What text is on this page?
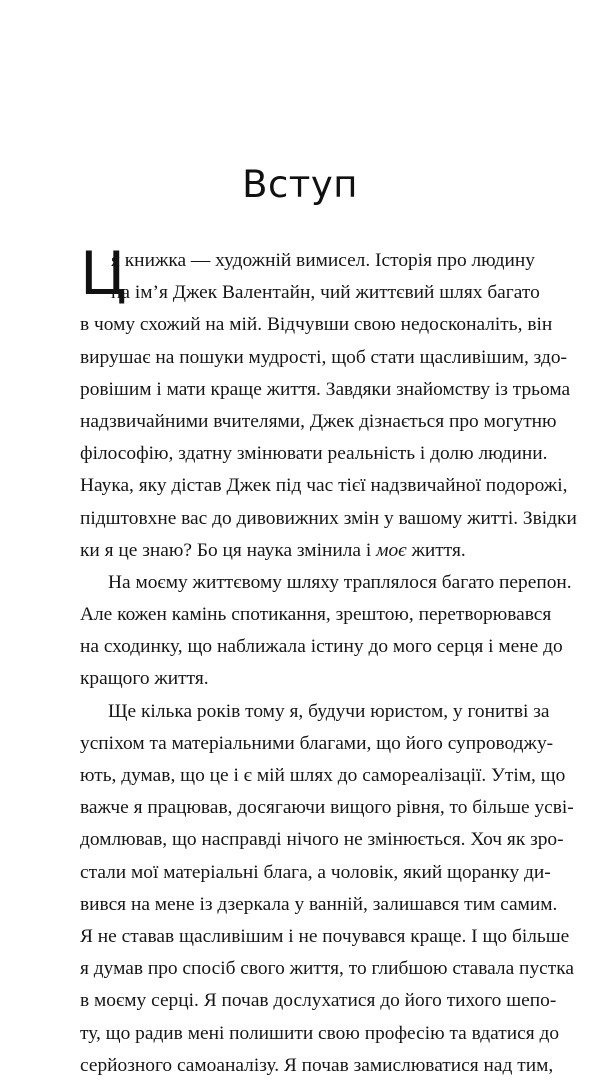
Вступ
Ц
я книжка — художній вимисел. Історія про людину
на ім’я Джек Валентайн, чий життєвий шлях багато
в чому схожий на мій. Відчувши свою недосконаліть, він
вирушає на пошуки мудрості, щоб стати щасливішим, здо-
ровішим і мати краще життя. Завдяки знайомству із трьома
надзвичайними вчителями, Джек дізнається про могутню
філософію, здатну змінювати реальність і долю людини.
Наука, яку дістав Джек під час тієї надзвичайної подорожі,
підштовхне вас до дивовижних змін у вашому житті. Звідки
ки я це знаю? Бо ця наука змінила і моє життя.
На моєму життєвому шляху траплялося багато перепон.
Але кожен камінь спотикання, зрештою, перетворювався
на сходинку, що наближала істину до мого серця і мене до
кращого життя.
Ще кілька років тому я, будучи юристом, у гонитві за
успіхом та матеріальними благами, що його супроводжу-
ють, думав, що це і є мій шлях до самореалізації. Утім, що
важче я працював, досягаючи вищого рівня, то більше усві-
домлював, що насправді нічого не змінюється. Хоч як зро-
стали мої матеріальні блага, а чоловік, який щоранку ди-
вився на мене із дзеркала у ванній, залишався тим самим.
Я не ставав щасливішим і не почувався краще. І що більше
я думав про спосіб свого життя, то глибшою ставала пустка
в моєму серці. Я почав дослухатися до його тихого шепо-
ту, що радив мені полишити свою професію та вдатися до
серйозного самоаналізу. Я почав замислюватися над тим,
